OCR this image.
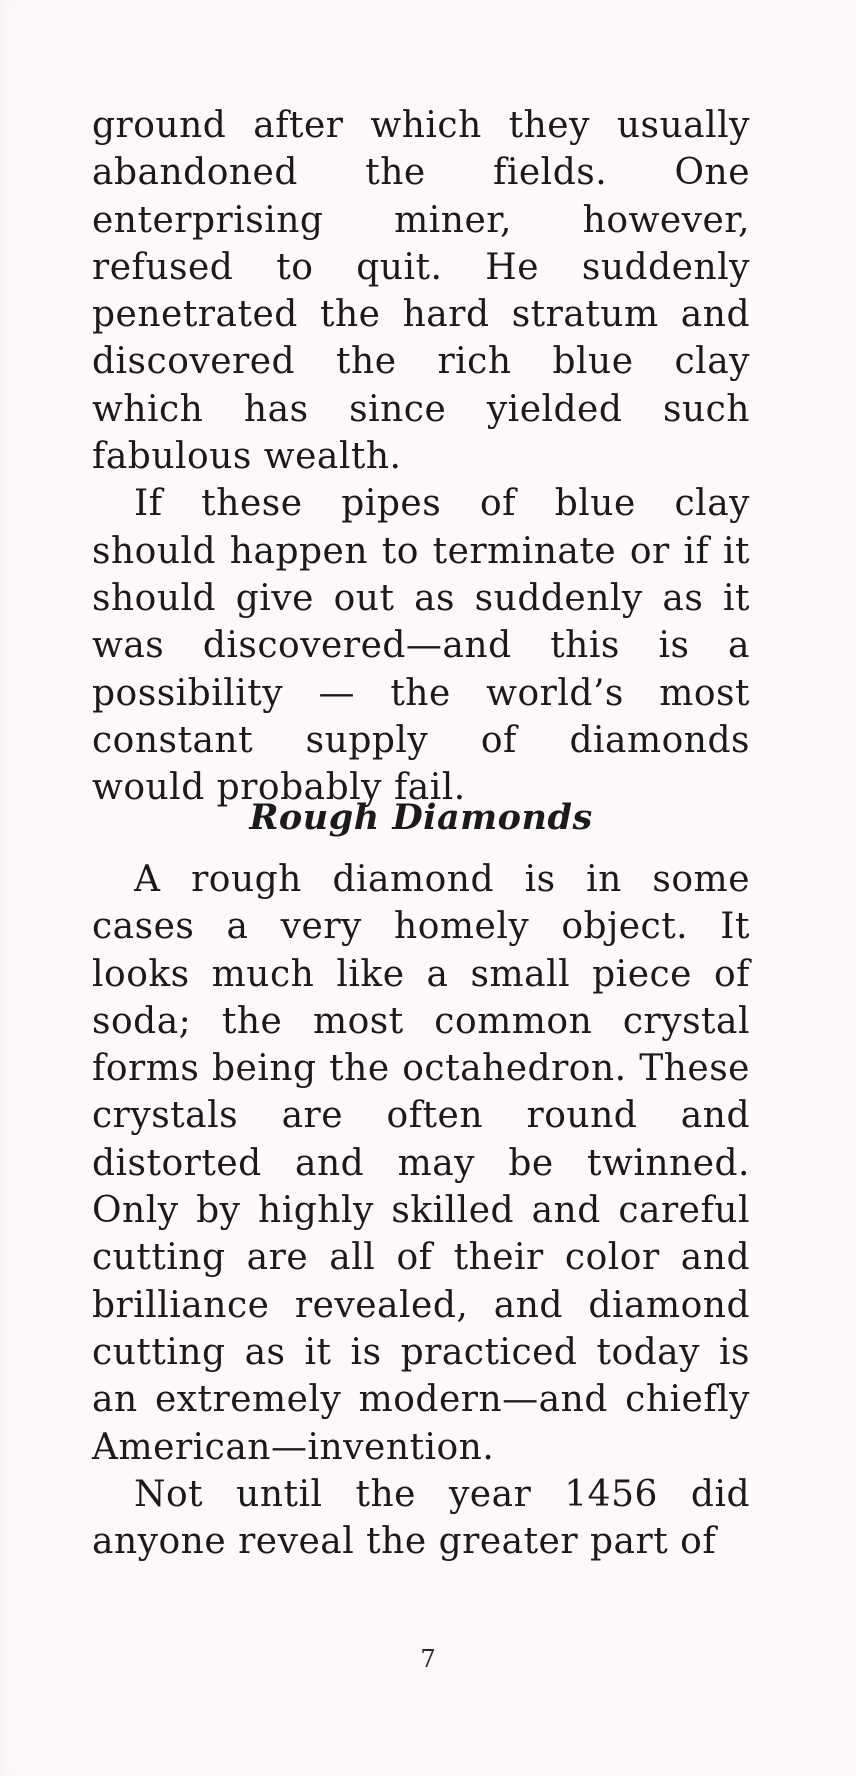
ground after which they usually abandoned the fields. One enterprising miner, however, refused to quit. He suddenly penetrated the hard stratum and discovered the rich blue clay which has since yielded such fabulous wealth.

If these pipes of blue clay should happen to terminate or if it should give out as suddenly as it was discovered—and this is a possibility — the world’s most constant supply of diamonds would probably fail.

Rough Diamonds

A rough diamond is in some cases a very homely object. It looks much like a small piece of soda; the most common crystal forms being the octahedron. These crystals are often round and distorted and may be twinned. Only by highly skilled and careful cutting are all of their color and brilliance revealed, and diamond cutting as it is practiced today is an extremely modern—and chiefly American—invention.

Not until the year 1456 did anyone reveal the greater part of

7
